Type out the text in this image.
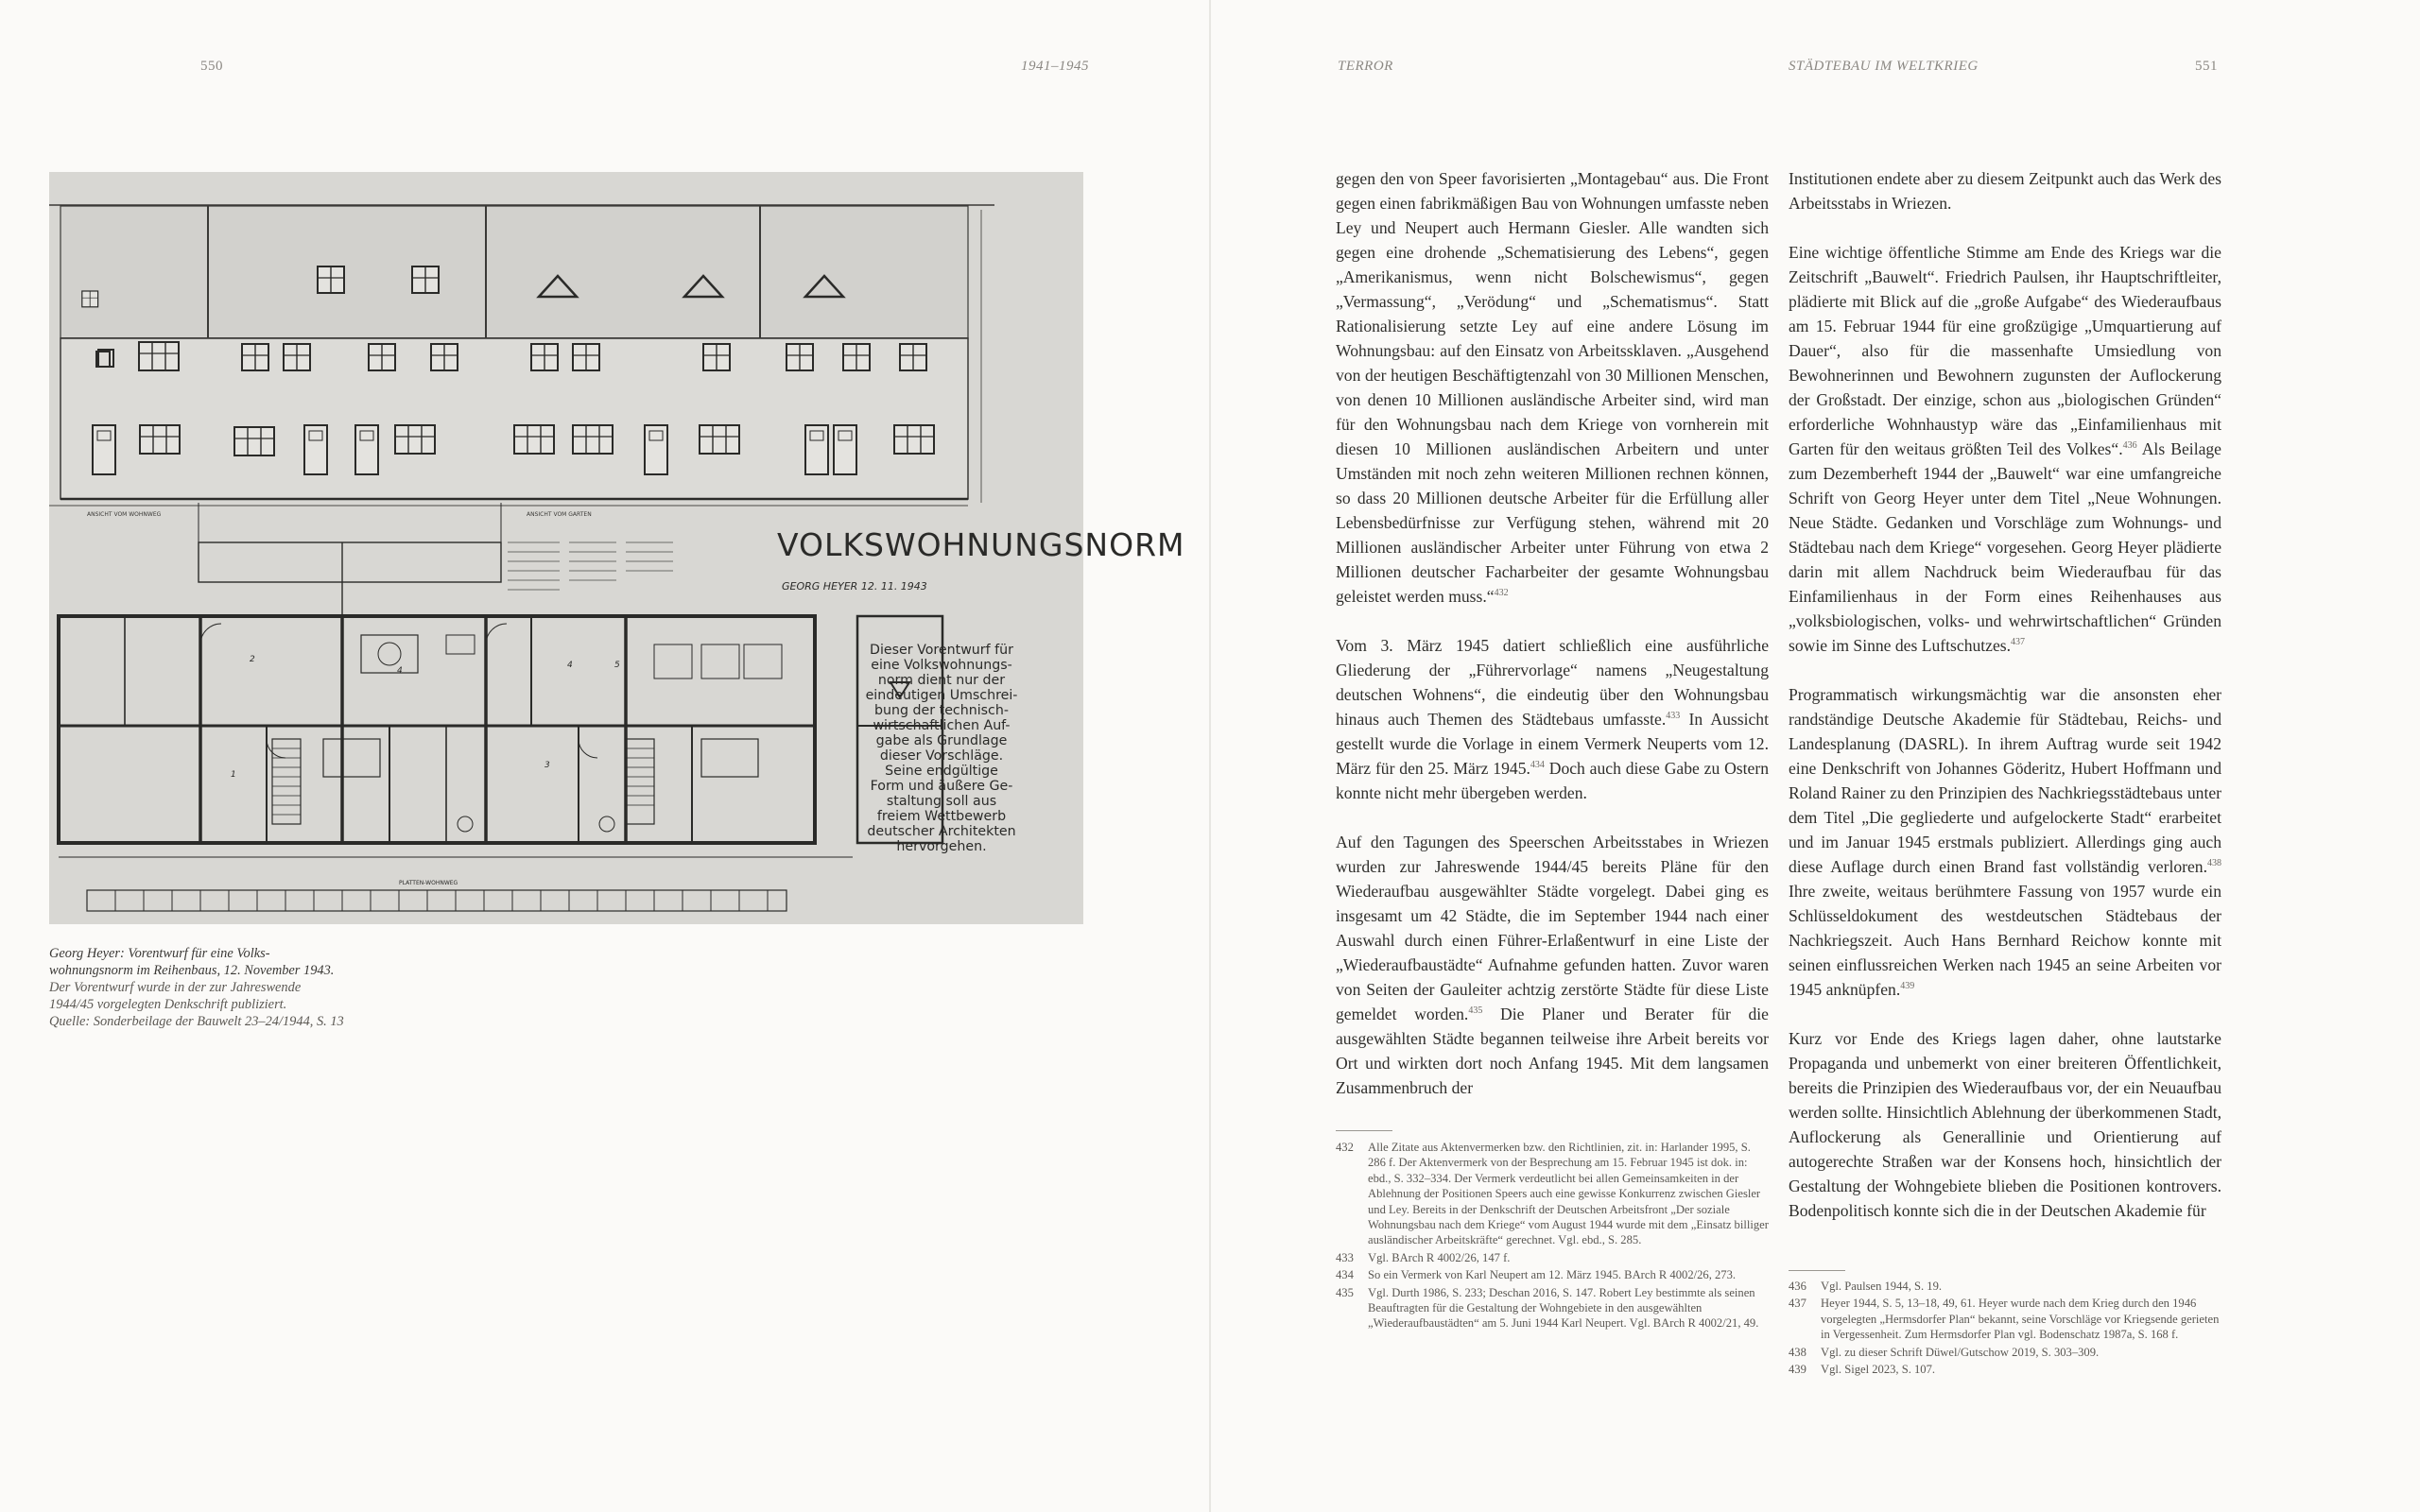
550	1941–1945	TERROR	STÄDTEBAU IM WELTKRIEG	551
ANSICHT VOM WOHNWEG	ANSICHT VOM GARTEN
VOLKSWOHNUNGSNORM
GEORG HEYER 12. 11. 1943
PLATTEN-WOHNWEG
2
1
4
4	5
3
Dieser Vorentwurf für
eine Volkswohnungs-
norm dient nur der
eindeutigen Umschrei-
bung der technisch-
wirtschaftlichen Auf-
gabe als Grundlage
dieser Vorschläge.
Seine endgültige
Form und äußere Ge-
staltung soll aus
freiem Wettbewerb
deutscher Architekten
hervorgehen.

Georg Heyer: Vorentwurf für eine Volks-

wohnungsnorm im Reihenbaus, 12. November 1943.

Der Vorentwurf wurde in der zur Jahreswende

1944/45 vorgelegten Denkschrift publiziert.

Quelle: Sonderbeilage der Bauwelt 23–24/1944, S. 13

gegen den von Speer favorisierten „Montagebau“ aus. Die Front gegen einen fabrikmäßigen Bau von Wohnungen umfasste neben Ley und Neupert auch Hermann Giesler. Alle wandten sich gegen eine drohende „Schematisierung des Lebens“, gegen „Amerikanismus, wenn nicht Bolschewismus“, gegen „Vermassung“, „Verödung“ und „Schematismus“. Statt Rationalisierung setzte Ley auf eine andere Lösung im Wohnungsbau: auf den Einsatz von Arbeitssklaven. „Ausgehend von der heutigen Beschäftigtenzahl von 30 Millionen Menschen, von denen 10 Millionen ausländische Arbeiter sind, wird man für den Wohnungsbau nach dem Kriege von vornherein mit diesen 10 Millionen ausländischen Arbeitern und unter Umständen mit noch zehn weiteren Millionen rechnen können, so dass 20 Millionen deutsche Arbeiter für die Erfüllung aller Lebensbedürfnisse zur Verfügung stehen, während mit 20 Millionen ausländischer Arbeiter unter Führung von etwa 2 Millionen deutscher Facharbeiter der gesamte Wohnungsbau geleistet werden muss.“$^{432}$

Vom 3. März 1945 datiert schließlich eine ausführliche Gliederung der „Führervorlage“ namens „Neugestaltung deutschen Wohnens“, die eindeutig über den Wohnungsbau hinaus auch Themen des Städtebaus umfasste.$^{433}$ In Aussicht gestellt wurde die Vorlage in einem Vermerk Neuperts vom 12. März für den 25. März 1945.$^{434}$ Doch auch diese Gabe zu Ostern konnte nicht mehr übergeben werden.

Auf den Tagungen des Speerschen Arbeitsstabes in Wriezen wurden zur Jahreswende 1944/45 bereits Pläne für den Wiederaufbau ausgewählter Städte vorgelegt. Dabei ging es insgesamt um 42 Städte, die im September 1944 nach einer Auswahl durch einen Führer-Erlaßentwurf in eine Liste der „Wiederaufbaustädte“ Aufnahme gefunden hatten. Zuvor waren von Seiten der Gauleiter achtzig zerstörte Städte für diese Liste gemeldet worden.$^{435}$ Die Planer und Berater für die ausgewählten Städte begannen teilweise ihre Arbeit bereits vor Ort und wirkten dort noch Anfang 1945. Mit dem langsamen Zusammenbruch der

Institutionen endete aber zu diesem Zeitpunkt auch das Werk des Arbeitsstabs in Wriezen.

Eine wichtige öffentliche Stimme am Ende des Kriegs war die Zeitschrift „Bauwelt“. Friedrich Paulsen, ihr Hauptschriftleiter, plädierte mit Blick auf die „große Aufgabe“ des Wiederaufbaus am 15. Februar 1944 für eine großzügige „Umquartierung auf Dauer“, also für die massenhafte Umsiedlung von Bewohnerinnen und Bewohnern zugunsten der Auflockerung der Großstadt. Der einzige, schon aus „biologischen Gründen“ erforderliche Wohnhaustyp wäre das „Einfamilienhaus mit Garten für den weitaus größten Teil des Volkes“.$^{436}$ Als Beilage zum Dezemberheft 1944 der „Bauwelt“ war eine umfangreiche Schrift von Georg Heyer unter dem Titel „Neue Wohnungen. Neue Städte. Gedanken und Vorschläge zum Wohnungs- und Städtebau nach dem Kriege“ vorgesehen. Georg Heyer plädierte darin mit allem Nachdruck beim Wiederaufbau für das Einfamilienhaus in der Form eines Reihenhauses aus „volksbiologischen, volks- und wehrwirtschaftlichen“ Gründen sowie im Sinne des Luftschutzes.$^{437}$

Programmatisch wirkungsmächtig war die ansonsten eher randständige Deutsche Akademie für Städtebau, Reichs- und Landesplanung (DASRL). In ihrem Auftrag wurde seit 1942 eine Denkschrift von Johannes Göderitz, Hubert Hoffmann und Roland Rainer zu den Prinzipien des Nachkriegsstädtebaus unter dem Titel „Die gegliederte und aufgelockerte Stadt“ erarbeitet und im Januar 1945 erstmals publiziert. Allerdings ging auch diese Auflage durch einen Brand fast vollständig verloren.$^{438}$ Ihre zweite, weitaus berühmtere Fassung von 1957 wurde ein Schlüsseldokument des westdeutschen Städtebaus der Nachkriegszeit. Auch Hans Bernhard Reichow konnte mit seinen einflussreichen Werken nach 1945 an seine Arbeiten vor 1945 anknüpfen.$^{439}$

Kurz vor Ende des Kriegs lagen daher, ohne lautstarke Propaganda und unbemerkt von einer breiteren Öffentlichkeit, bereits die Prinzipien des Wiederaufbaus vor, der ein Neuaufbau werden sollte. Hinsichtlich Ablehnung der überkommenen Stadt, Auflockerung als Generallinie und Orientierung auf autogerechte Straßen war der Konsens hoch, hinsichtlich der Gestaltung der Wohngebiete blieben die Positionen kontrovers. Bodenpolitisch konnte sich die in der Deutschen Akademie für

432	Alle Zitate aus Aktenvermerken bzw. den Richtlinien, zit. in: Harlander 1995, S. 286 f. Der Aktenvermerk von der Besprechung am 15. Februar 1945 ist dok. in: ebd., S. 332–334. Der Vermerk verdeutlicht bei allen Gemeinsamkeiten in der Ablehnung der Positionen Speers auch eine gewisse Konkurrenz zwischen Giesler und Ley. Bereits in der Denkschrift der Deutschen Arbeitsfront „Der soziale Wohnungsbau nach dem Kriege“ vom August 1944 wurde mit dem „Einsatz billiger ausländischer Arbeitskräfte“ gerechnet. Vgl. ebd., S. 285.
433	Vgl. BArch R 4002/26, 147 f.
434	So ein Vermerk von Karl Neupert am 12. März 1945. BArch R 4002/26, 273.
435	Vgl. Durth 1986, S. 233; Deschan 2016, S. 147. Robert Ley bestimmte als seinen Beauftragten für die Gestaltung der Wohngebiete in den ausgewählten „Wiederaufbaustädten“ am 5. Juni 1944 Karl Neupert. Vgl. BArch R 4002/21, 49.
436	Vgl. Paulsen 1944, S. 19.
437	Heyer 1944, S. 5, 13–18, 49, 61. Heyer wurde nach dem Krieg durch den 1946 vorgelegten „Hermsdorfer Plan“ bekannt, seine Vorschläge vor Kriegsende gerieten in Vergessenheit. Zum Hermsdorfer Plan vgl. Bodenschatz 1987a, S. 168 f.
438	Vgl. zu dieser Schrift Düwel/Gutschow 2019, S. 303–309.
439	Vgl. Sigel 2023, S. 107.
